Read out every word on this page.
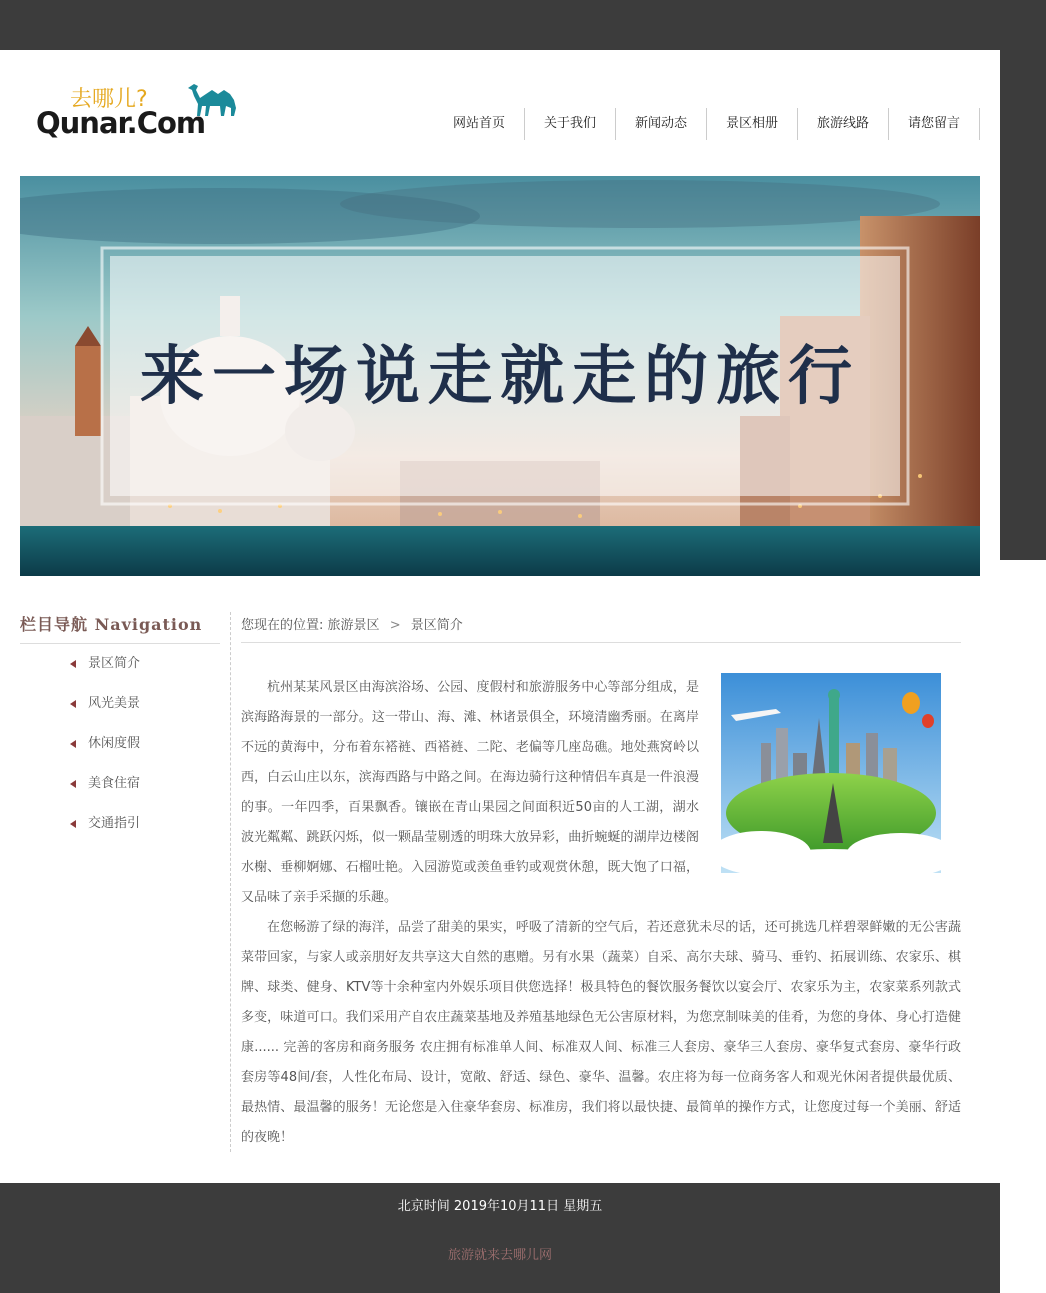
去哪儿?
Qunar.Com	网站首页	关于我们	新闻动态	景区相册	旅游线路	请您留言
来一场说走就走的旅行
栏目导航 Navigation
景区简介
风光美景
休闲度假
美食住宿
交通指引
您现在的位置: 旅游景区 > 景区简介

杭州某某风景区由海滨浴场、公园、度假村和旅游服务中心等部分组成，是滨海路海景的一部分。这一带山、海、滩、林诸景俱全，环境清幽秀丽。在离岸不远的黄海中，分布着东褡裢、西褡裢、二陀、老偏等几座岛礁。地处燕窝岭以西，白云山庄以东，滨海西路与中路之间。在海边骑行这种情侣车真是一件浪漫的事。一年四季，百果飘香。镶嵌在青山果园之间面积近50亩的人工湖，湖水波光粼粼、跳跃闪烁，似一颗晶莹剔透的明珠大放异彩，曲折蜿蜒的湖岸边楼阁水榭、垂柳婀娜、石榴吐艳。入园游览或羡鱼垂钓或观赏休憩，既大饱了口福，又品味了亲手采撷的乐趣。

在您畅游了绿的海洋，品尝了甜美的果实，呼吸了清新的空气后，若还意犹未尽的话，还可挑选几样碧翠鲜嫩的无公害蔬菜带回家，与家人或亲朋好友共享这大自然的惠赠。另有水果（蔬菜）自采、高尔夫球、骑马、垂钓、拓展训练、农家乐、棋牌、球类、健身、KTV等十余种室内外娱乐项目供您选择！极具特色的餐饮服务餐饮以宴会厅、农家乐为主，农家菜系列款式多变，味道可口。我们采用产自农庄蔬菜基地及养殖基地绿色无公害原材料，为您烹制味美的佳肴，为您的身体、身心打造健康...... 完善的客房和商务服务 农庄拥有标准单人间、标准双人间、标准三人套房、豪华三人套房、豪华复式套房、豪华行政套房等48间/套，人性化布局、设计，宽敞、舒适、绿色、豪华、温馨。农庄将为每一位商务客人和观光休闲者提供最优质、最热情、最温馨的服务！无论您是入住豪华套房、标准房，我们将以最快捷、最简单的操作方式，让您度过每一个美丽、舒适的夜晚！

北京时间 2019年10月11日 星期五
旅游就来去哪儿网
